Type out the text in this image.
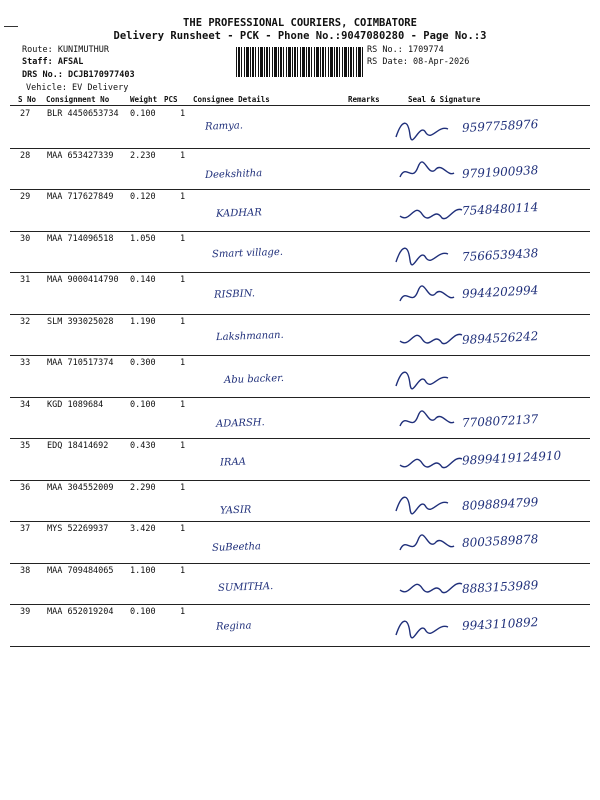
THE PROFESSIONAL COURIERS, COIMBATORE
Delivery Runsheet - PCK - Phone No.:9047080280 - Page No.:3
Route: KUNIMUTHUR
Staff: AFSAL
DRS No.: DCJB170977403
Vehicle: EV Delivery
RS No.: 1709774
RS Date: 08-Apr-2026
S No Consignment No	Weight PCS Consignee Details	Remarks	Seal & Signature
27 BLR 4450653734 0.100	1
Ramya.	9597758976
28 MAA 653427339 2.230	1
Deekshitha	9791900938
29 MAA 717627849 0.120	1
KADHAR	7548480114
30 MAA 714096518 1.050	1
Smart village.	7566539438
31 MAA 9000414790 0.140	1
RISBIN.	9944202994
32 SLM 393025028 1.190	1
Lakshmanan.	9894526242
33 MAA 710517374 0.300	1
Abu backer.
34 KGD 1089684	0.100	1
ADARSH.	7708072137
35 EDQ 18414692	0.430	1
IRAA	9899419124910
36 MAA 304552009 2.290	1
YASIR	8098894799
37 MYS 52269937	3.420	1
SuBeetha	8003589878
38 MAA 709484065 1.100	1
SUMITHA.	8883153989
39 MAA 652019204 0.100	1
Regina	9943110892
